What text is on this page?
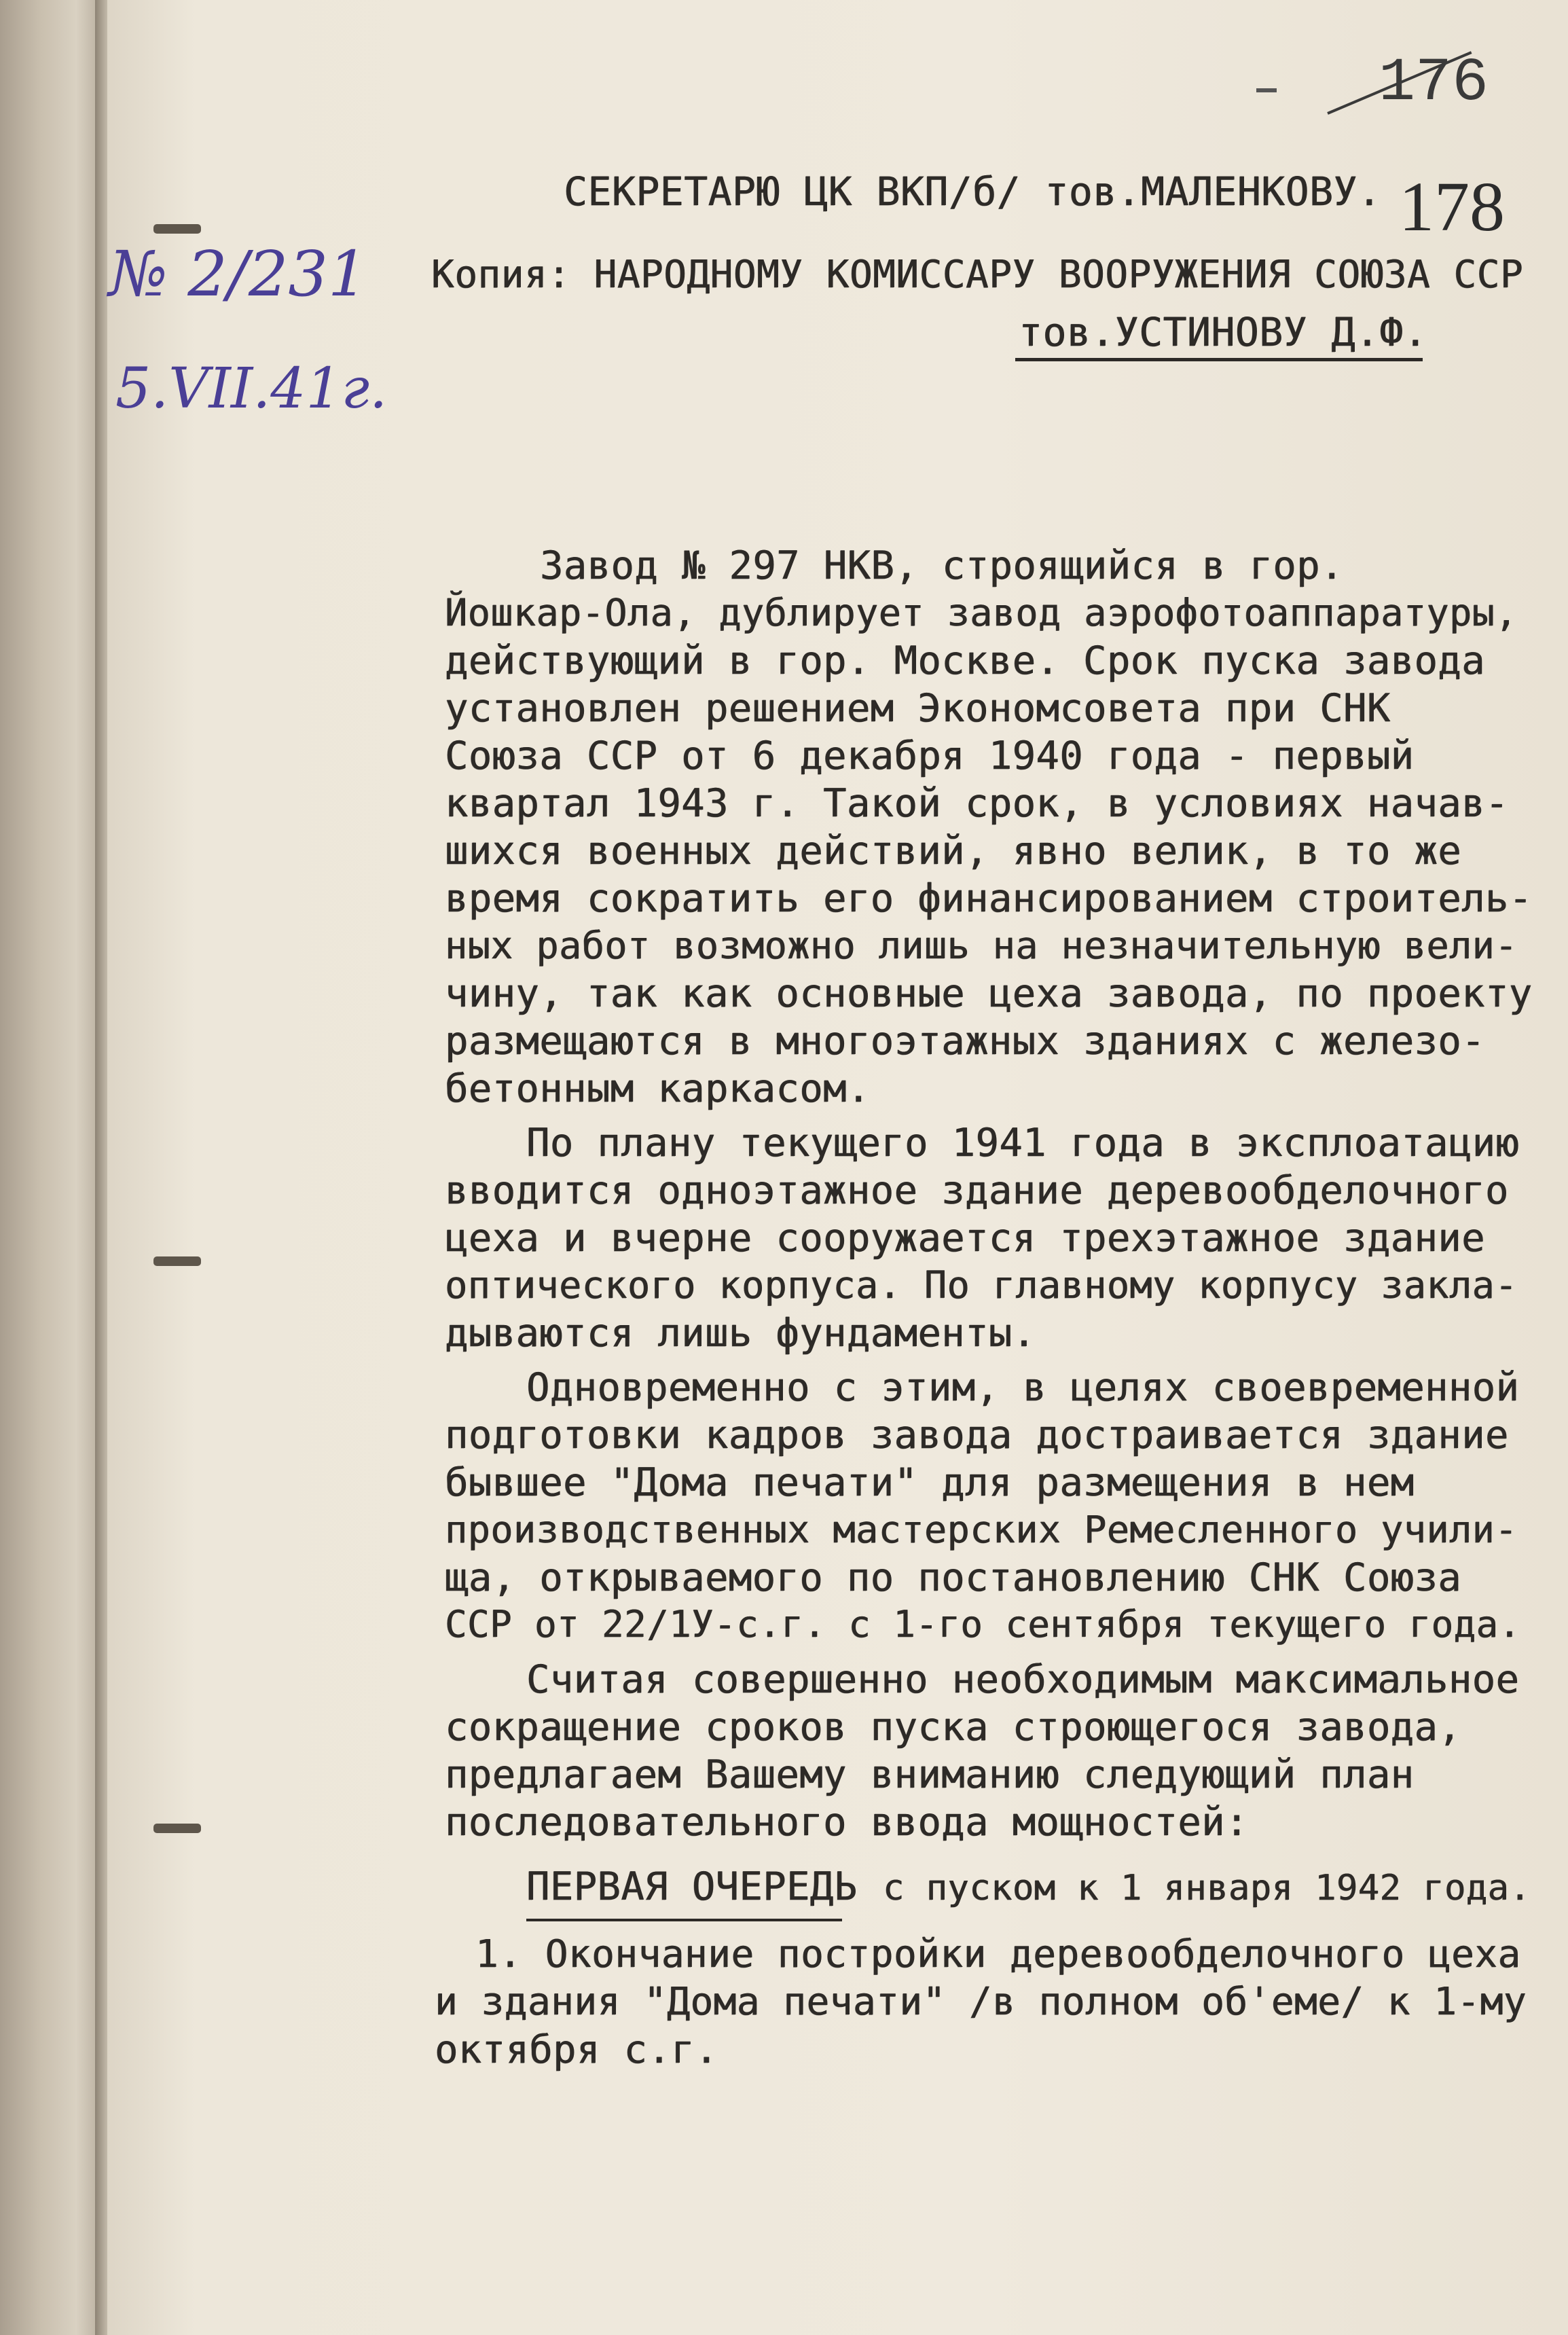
176
178
№ 2/231
5.VII.41г.
СЕКРЕТАРЮ ЦК ВКП/б/ тов.МАЛЕНКОВУ.
Копия: НАРОДНОМУ КОМИССАРУ ВООРУЖЕНИЯ СОЮЗА ССР
тов.УСТИНОВУ Д.Ф.
Завод № 297 НКВ, строящийся в гор.
Йошкар-Ола, дублирует завод аэрофотоаппаратуры,
действующий в гор. Москве. Срок пуска завода
установлен решением Экономсовета при СНК
Союза ССР от 6 декабря 1940 года - первый
квартал 1943 г. Такой срок, в условиях начав-
шихся военных действий, явно велик, в то же
время сократить его финансированием строитель-
ных работ возможно лишь на незначительную вели-
чину, так как основные цеха завода, по проекту
размещаются в многоэтажных зданиях с железо-
бетонным каркасом.
По плану текущего 1941 года в эксплоатацию
вводится одноэтажное здание деревообделочного
цеха и вчерне сооружается трехэтажное здание
оптического корпуса. По главному корпусу закла-
дываются лишь фундаменты.
Одновременно с этим, в целях своевременной
подготовки кадров завода достраивается здание
бывшее "Дома печати" для размещения в нем
производственных мастерских Ремесленного учили-
ща, открываемого по постановлению СНК Союза
ССР от 22/1У-с.г. с 1-го сентября текущего года.
Считая совершенно необходимым максимальное
сокращение сроков пуска строющегося завода,
предлагаем Вашему вниманию следующий план
последовательного ввода мощностей:
ПЕРВАЯ ОЧЕРЕДЬ с пуском к 1 января 1942 года.
1. Окончание постройки деревообделочного цеха
и здания "Дома печати" /в полном об'еме/ к 1-му
октября с.г.
